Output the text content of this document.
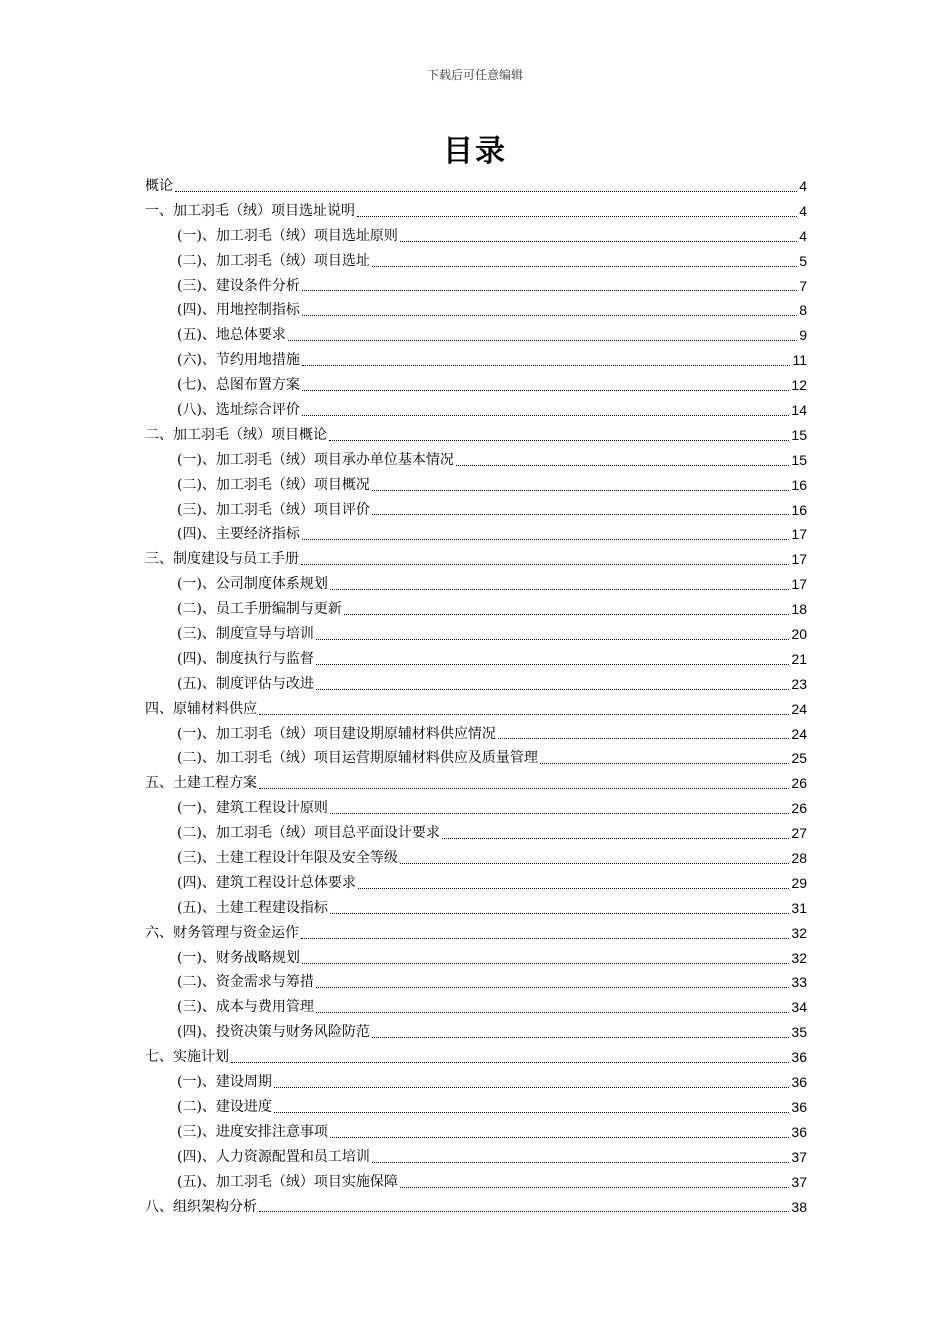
下载后可任意编辑
目录
概论	4
一、加工羽毛（绒）项目选址说明	4
(一)、加工羽毛（绒）项目选址原则	4
(二)、加工羽毛（绒）项目选址	5
(三)、建设条件分析	7
(四)、用地控制指标	8
(五)、地总体要求	9
(六)、节约用地措施	11
(七)、总图布置方案	12
(八)、选址综合评价	14
二、加工羽毛（绒）项目概论	15
(一)、加工羽毛（绒）项目承办单位基本情况	15
(二)、加工羽毛（绒）项目概况	16
(三)、加工羽毛（绒）项目评价	16
(四)、主要经济指标	17
三、制度建设与员工手册	17
(一)、公司制度体系规划	17
(二)、员工手册编制与更新	18
(三)、制度宣导与培训	20
(四)、制度执行与监督	21
(五)、制度评估与改进	23
四、原辅材料供应	24
(一)、加工羽毛（绒）项目建设期原辅材料供应情况	24
(二)、加工羽毛（绒）项目运营期原辅材料供应及质量管理	25
五、土建工程方案	26
(一)、建筑工程设计原则	26
(二)、加工羽毛（绒）项目总平面设计要求	27
(三)、土建工程设计年限及安全等级	28
(四)、建筑工程设计总体要求	29
(五)、土建工程建设指标	31
六、财务管理与资金运作	32
(一)、财务战略规划	32
(二)、资金需求与筹措	33
(三)、成本与费用管理	34
(四)、投资决策与财务风险防范	35
七、实施计划	36
(一)、建设周期	36
(二)、建设进度	36
(三)、进度安排注意事项	36
(四)、人力资源配置和员工培训	37
(五)、加工羽毛（绒）项目实施保障	37
八、组织架构分析	38
